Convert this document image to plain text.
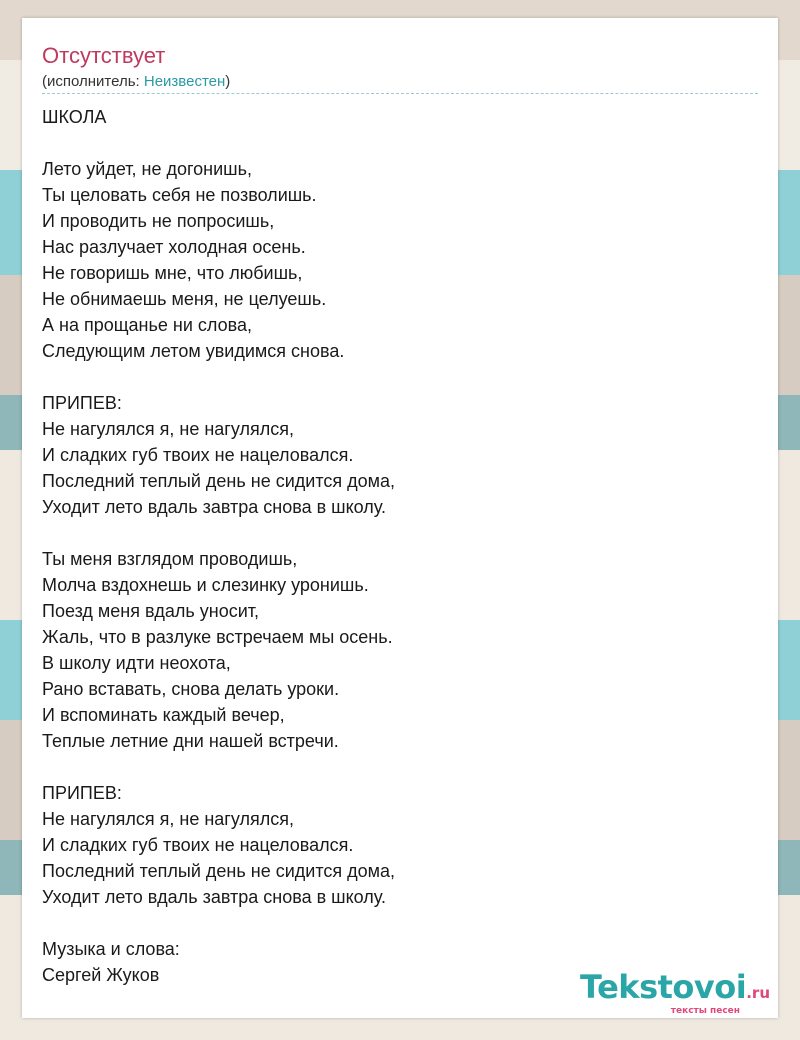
Отсутствует
(исполнитель: Неизвестен)
ШКОЛА
Лето уйдет, не догонишь,
Ты целовать себя не позволишь.
И проводить не попросишь,
Нас разлучает холодная осень.
Не говоришь мне, что любишь,
Не обнимаешь меня, не целуешь.
А на прощанье ни слова,
Следующим летом увидимся снова.
ПРИПЕВ:
Не нагулялся я, не нагулялся,
И сладких губ твоих не нацеловался.
Последний теплый день не сидится дома,
Уходит лето вдаль завтра снова в школу.
Ты меня взглядом проводишь,
Молча вздохнешь и слезинку уронишь.
Поезд меня вдаль уносит,
Жаль, что в разлуке встречаем мы осень.
В школу идти неохота,
Рано вставать, снова делать уроки.
И вспоминать каждый вечер,
Теплые летние дни нашей встречи.
ПРИПЕВ:
Не нагулялся я, не нагулялся,
И сладких губ твоих не нацеловался.
Последний теплый день не сидится дома,
Уходит лето вдаль завтра снова в школу.
Музыка и слова:
Сергей Жуков	Tekstovoi.ru
тексты песен
